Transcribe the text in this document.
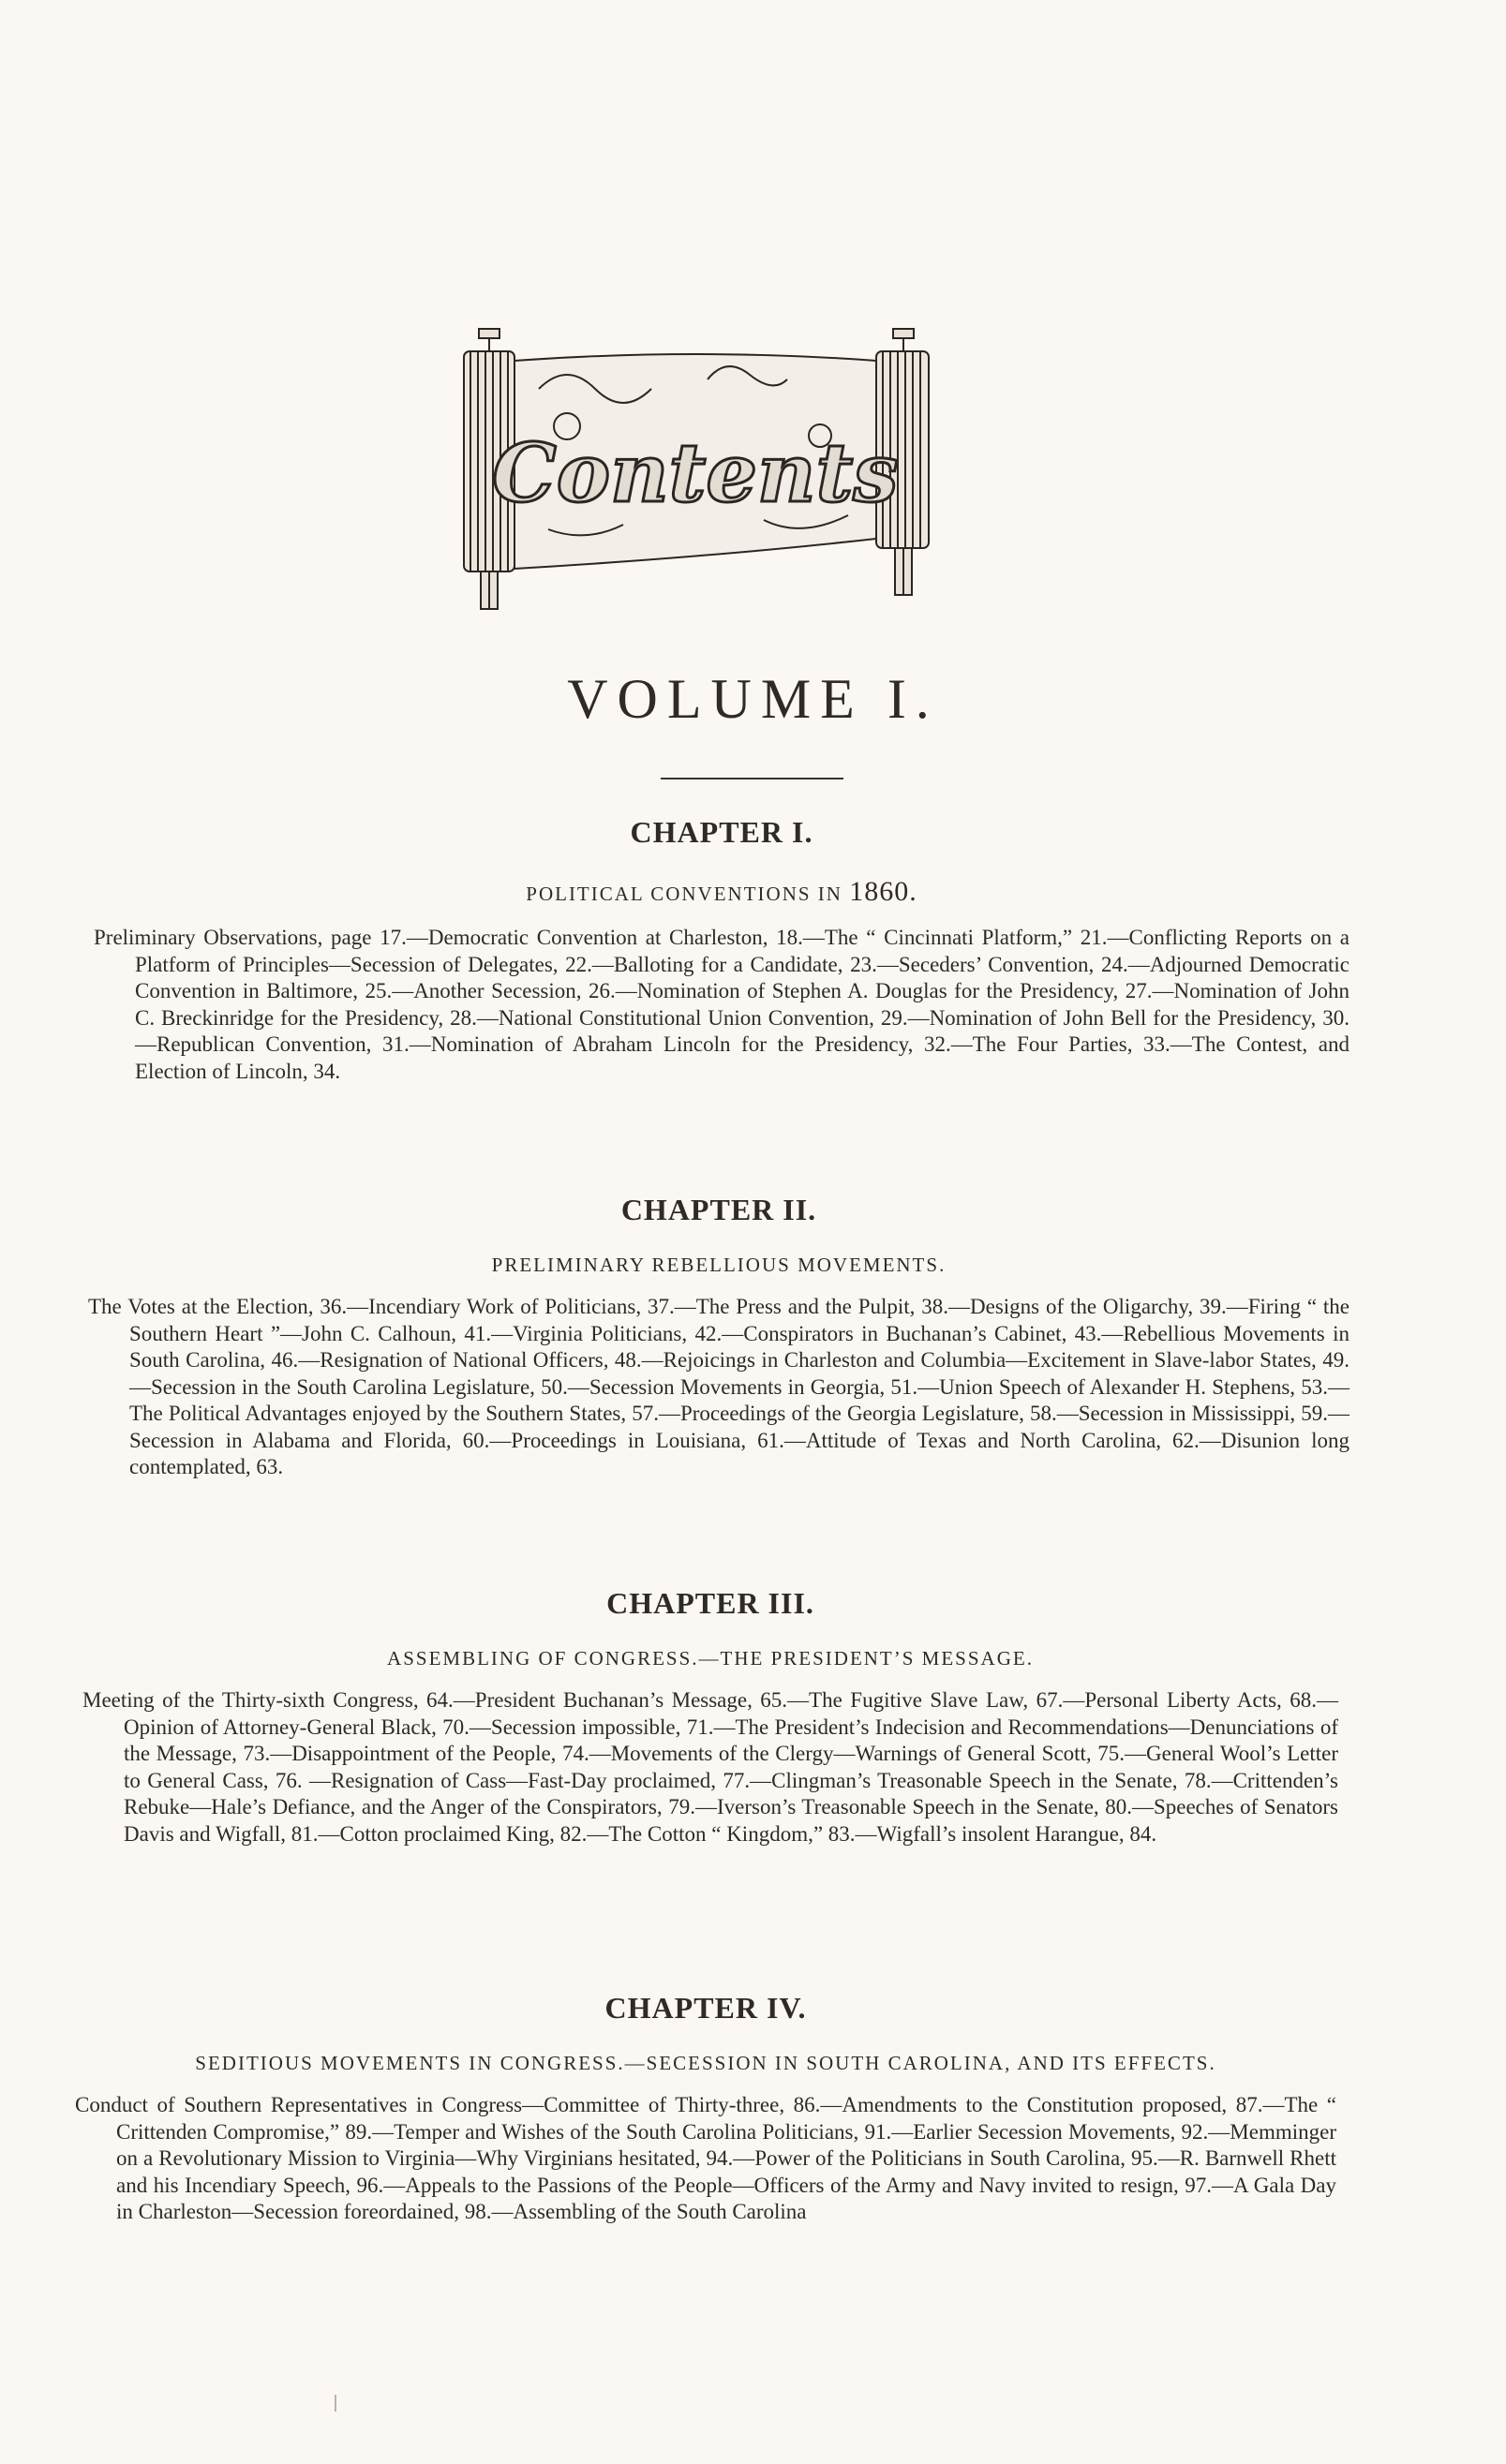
Contents
VOLUME I.
CHAPTER I.
POLITICAL CONVENTIONS IN 1860.

Preliminary Observations, page 17.—Democratic Convention at Charleston, 18.—The “ Cincinnati Platform,” 21.—Conflicting Reports on a Platform of Principles—Secession of Delegates, 22.—Balloting for a Candidate, 23.—Seceders’ Convention, 24.—Adjourned Democratic Convention in Baltimore, 25.—Another Secession, 26.—Nomination of Stephen A. Douglas for the Presidency, 27.—Nomination of John C. Breckinridge for the Presidency, 28.—National Constitutional Union Convention, 29.—Nomination of John Bell for the Presidency, 30.—Republican Convention, 31.—Nomination of Abraham Lincoln for the Presidency, 32.—The Four Parties, 33.—The Contest, and Election of Lincoln, 34.

CHAPTER II.
PRELIMINARY REBELLIOUS MOVEMENTS.

The Votes at the Election, 36.—Incendiary Work of Politicians, 37.—The Press and the Pulpit, 38.—Designs of the Oligarchy, 39.—Firing “ the Southern Heart ”—John C. Calhoun, 41.—Virginia Politicians, 42.—Conspirators in Buchanan’s Cabinet, 43.—Rebellious Movements in South Carolina, 46.—Resignation of National Officers, 48.—Rejoicings in Charleston and Columbia—Excitement in Slave-labor States, 49.—Secession in the South Carolina Legislature, 50.—Secession Movements in Georgia, 51.—Union Speech of Alexander H. Stephens, 53.—The Political Advantages enjoyed by the Southern States, 57.—Proceedings of the Georgia Legislature, 58.—Secession in Mississippi, 59.—Secession in Alabama and Florida, 60.—Proceedings in Louisiana, 61.—Attitude of Texas and North Carolina, 62.—Disunion long contemplated, 63.

CHAPTER III.
ASSEMBLING OF CONGRESS.—THE PRESIDENT’S MESSAGE.

Meeting of the Thirty-sixth Congress, 64.—President Buchanan’s Message, 65.—The Fugitive Slave Law, 67.—Personal Liberty Acts, 68.—Opinion of Attorney-General Black, 70.—Secession impossible, 71.—The President’s Indecision and Recommendations—Denunciations of the Message, 73.—Disappointment of the People, 74.—Movements of the Clergy—Warnings of General Scott, 75.—General Wool’s Letter to General Cass, 76. —Resignation of Cass—Fast-Day proclaimed, 77.—Clingman’s Treasonable Speech in the Senate, 78.—Crittenden’s Rebuke—Hale’s Defiance, and the Anger of the Conspirators, 79.—Iverson’s Treasonable Speech in the Senate, 80.—Speeches of Senators Davis and Wigfall, 81.—Cotton proclaimed King, 82.—The Cotton “ Kingdom,” 83.—Wigfall’s insolent Harangue, 84.

CHAPTER IV.
SEDITIOUS MOVEMENTS IN CONGRESS.—SECESSION IN SOUTH CAROLINA, AND ITS EFFECTS.

Conduct of Southern Representatives in Congress—Committee of Thirty-three, 86.—Amendments to the Constitution proposed, 87.—The “ Crittenden Compromise,” 89.—Temper and Wishes of the South Carolina Politicians, 91.—Earlier Secession Movements, 92.—Memminger on a Revolutionary Mission to Virginia—Why Virginians hesitated, 94.—Power of the Politicians in South Carolina, 95.—R. Barnwell Rhett and his Incendiary Speech, 96.—Appeals to the Passions of the People—Officers of the Army and Navy invited to resign, 97.—A Gala Day in Charleston—Secession foreordained, 98.—Assembling of the South Carolina
